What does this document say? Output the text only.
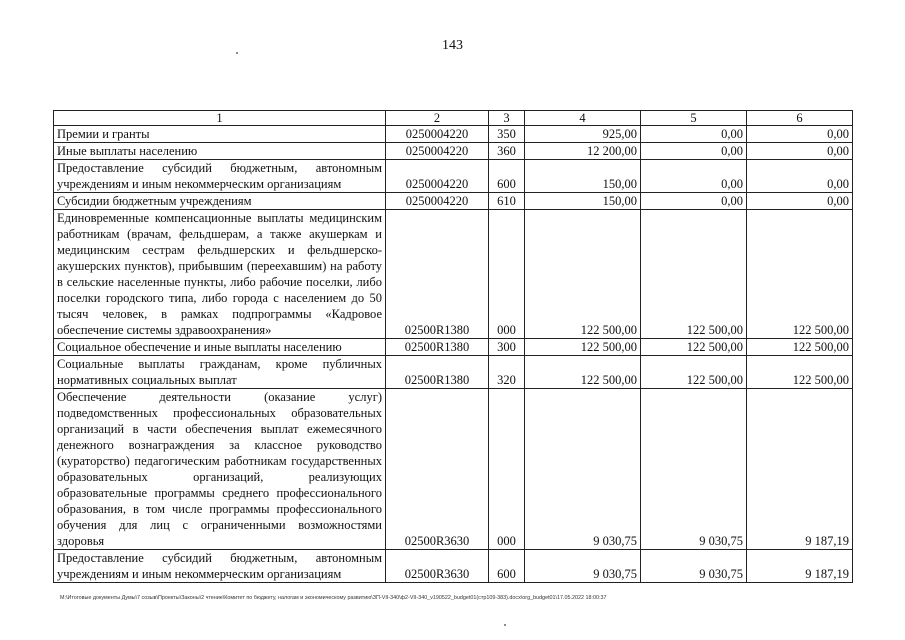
143
1	2	3	4	5	6
Премии и гранты	0250004220	350	925,00	0,00	0,00
Иные выплаты населению	0250004220	360	12 200,00	0,00	0,00
Предоставление субсидий бюджетным, автономным учреждениям и иным некоммерческим организациям	0250004220	600	150,00	0,00	0,00
Субсидии бюджетным учреждениям	0250004220	610	150,00	0,00	0,00
Единовременные компенсационные выплаты медицинским работникам (врачам, фельдшерам, а также акушеркам и медицинским сестрам фельдшерских и фельдшерско-акушерских пунктов), прибывшим (переехавшим) на работу в сельские населенные пункты, либо рабочие поселки, либо поселки городского типа, либо города с населением до 50 тысяч человек, в рамках подпрограммы «Кадровое обеспечение системы здравоохранения»	02500R1380	000	122 500,00	122 500,00	122 500,00
Социальное обеспечение и иные выплаты населению	02500R1380	300	122 500,00	122 500,00	122 500,00
Социальные выплаты гражданам, кроме публичных нормативных социальных выплат	02500R1380	320	122 500,00	122 500,00	122 500,00
Обеспечение деятельности (оказание услуг) подведомственных профессиональных образовательных организаций в части обеспечения выплат ежемесячного денежного вознаграждения за классное руководство (кураторство) педагогическим работникам государственных образовательных организаций, реализующих образовательные программы среднего профессионального образования, в том числе программы профессионального обучения для лиц с ограниченными возможностями здоровья	02500R3630	000	9 030,75	9 030,75	9 187,19
Предоставление субсидий бюджетным, автономным учреждениям и иным некоммерческим организациям	02500R3630	600	9 030,75	9 030,75	9 187,19
M:\Итоговые документы Думы\7 созыв\Проекты\Законы\2 чтение\Комитет по бюджету, налогам и экономическому развитию\ЗП-VII-340\ф2-VII-340_v190522_budget01(стр109-383).docx\org_budget01\17.05.2022 18:00:37
